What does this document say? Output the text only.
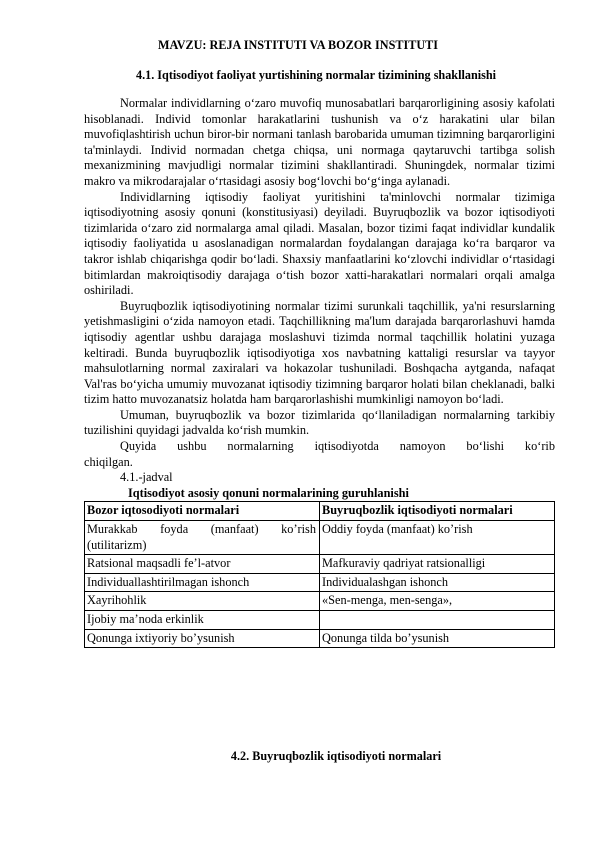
MAVZU: REJA INSTITUTI VA BOZOR INSTITUTI
4.1. Iqtisodiyot faoliyat yurtishining normalar tizimining shakllanishi

Normalar individlarning o‘zaro muvofiq munosabatlari barqarorligining asosiy kafolati hisoblanadi. Individ tomonlar harakatlarini tushunish va o‘z harakatini ular bilan muvofiqlashtirish uchun biror-bir normani tanlash barobarida umuman tizimning barqarorligini ta'minlaydi. Individ normadan chetga chiqsa, uni normaga qaytaruvchi tartibga solish mexanizmining mavjudligi normalar tizimini shakllantiradi. Shuningdek, normalar tizimi makro va mikrodarajalar o‘rtasidagi asosiy bog‘lovchi bo‘g‘inga aylanadi.

Individlarning iqtisodiy faoliyat yuritishini ta'minlovchi normalar tizimiga iqtisodiyotning asosiy qonuni (konstitusiyasi) deyiladi. Buyruqbozlik va bozor iqtisodiyoti tizimlarida o‘zaro zid normalarga amal qiladi. Masalan, bozor tizimi faqat individlar kundalik iqtisodiy faoliyatida u asoslanadigan normalardan foydalangan darajaga ko‘ra barqaror va takror ishlab chiqarishga qodir bo‘ladi. Shaxsiy manfaatlarini ko‘zlovchi individlar o‘rtasidagi bitimlardan makroiqtisodiy darajaga o‘tish bozor xatti-harakatlari normalari orqali amalga oshiriladi.

Buyruqbozlik iqtisodiyotining normalar tizimi surunkali taqchillik, ya'ni resurslarning yetishmasligini o‘zida namoyon etadi. Taqchillikning ma'lum darajada barqarorlashuvi hamda iqtisodiy agentlar ushbu darajaga moslashuvi tizimda normal taqchillik holatini yuzaga keltiradi. Bunda buyruqbozlik iqtisodiyotiga xos navbatning kattaligi resurslar va tayyor mahsulotlarning normal zaxiralari va hokazolar tushuniladi. Boshqacha aytganda, nafaqat Val'ras bo‘yicha umumiy muvozanat iqtisodiy tizimning barqaror holati bilan cheklanadi, balki tizim hatto muvozanatsiz holatda ham barqarorlashishi mumkinligi namoyon bo‘ladi.

Umuman, buyruqbozlik va bozor tizimlarida qo‘llaniladigan normalarning tarkibiy tuzilishini quyidagi jadvalda ko‘rish mumkin.

Quyida ushbu normalarning iqtisodiyotda namoyon bo‘lishi ko‘rib chiqilgan.

4.1.-jadval

Iqtisodiyot asosiy qonuni normalarining guruhlanishi

Bozor iqtosodiyoti normalari	Buyruqbozlik iqtisodiyoti normalari
Murakkab foyda (manfaat) ko’rish (utilitarizm)	Oddiy foyda (manfaat) ko’rish
Ratsional maqsadli fe’l-atvor	Mafkuraviy qadriyat ratsionalligi
Individuallashtirilmagan ishonch	Individualashgan ishonch
Xayrihohlik	«Sen-menga, men-senga»,
Ijobiy ma’noda erkinlik	
Qonunga ixtiyoriy bo’ysunish	Qonunga tilda bo’ysunish
4.2. Buyruqbozlik iqtisodiyoti normalari
